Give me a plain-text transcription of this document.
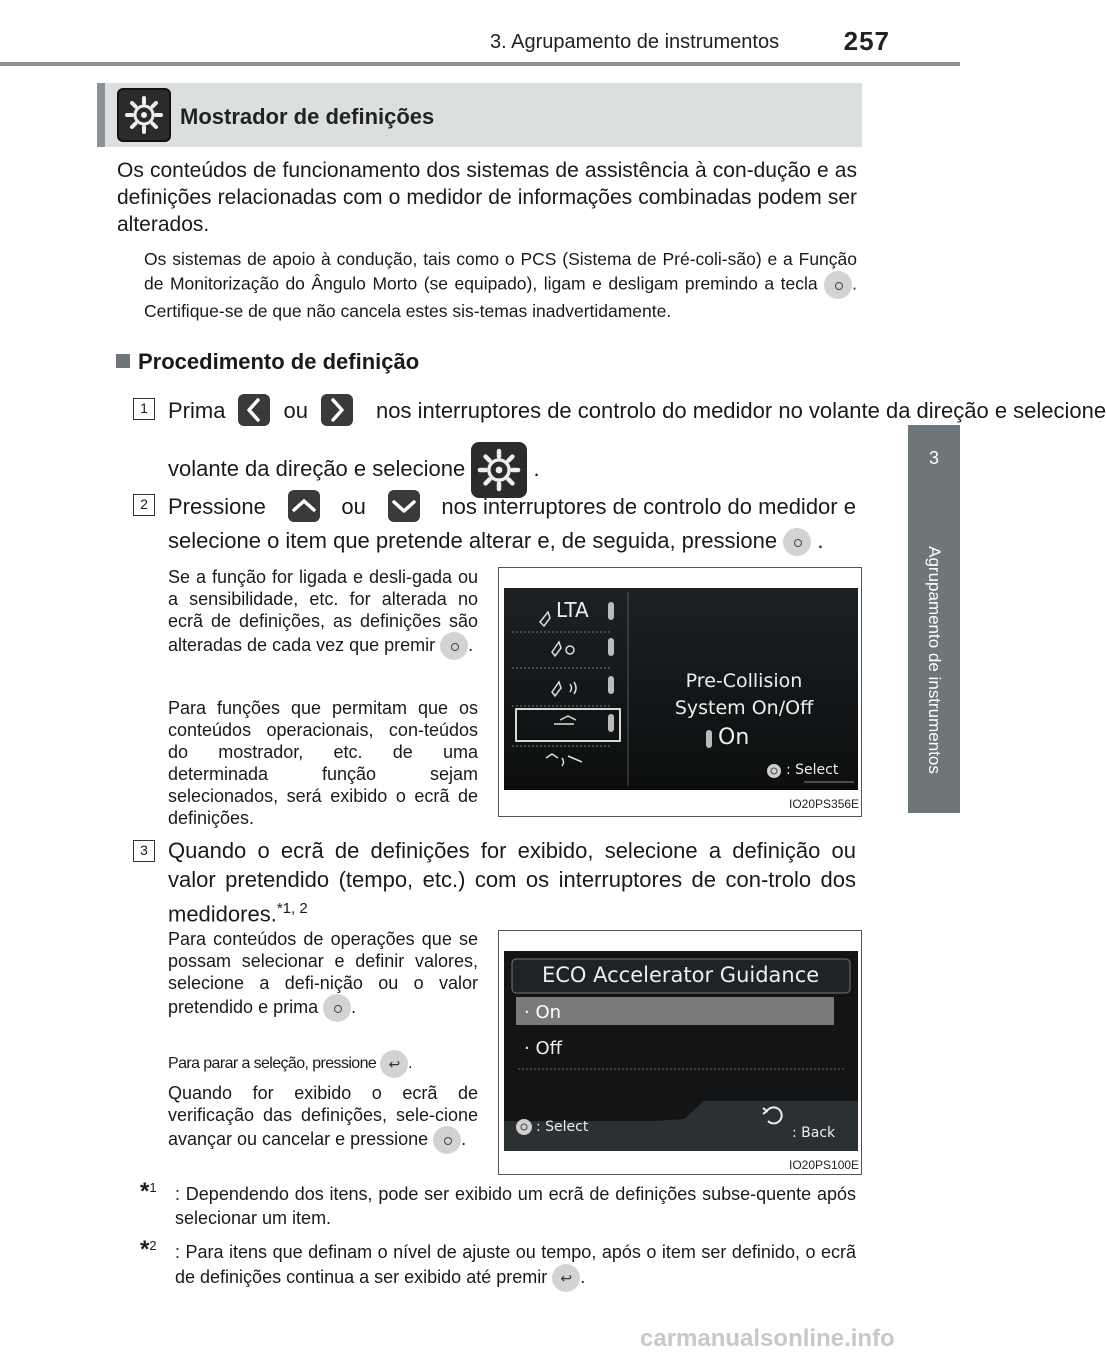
3. Agrupamento de instrumentos 257
3
Agrupamento de instrumentos
Mostrador de definições
Os conteúdos de funcionamento dos sistemas de assistência à con-dução e as definições relacionadas com o medidor de informações combinadas podem ser alterados.
Os sistemas de apoio à condução, tais como o PCS (Sistema de Pré-coli-são) e a Função de Monitorização do Ângulo Morto (se equipado), ligam e desligam premindo a tecla . Certifique-se de que não cancela estes sis-temas inadvertidamente.
Procedimento de definição
1 Prima	ou	nos interruptores de controlo do medidor no volante da direção e selecione
volante da direção e selecione	.
2 Pressione	ou	nos interruptores de controlo do medidor e
selecione o item que pretende alterar e, de seguida, pressione .
Se a função for ligada e desli-gada ou a sensibilidade, etc. for alterada no ecrã de definições, as definições são alteradas de cada vez que premir .
Para funções que permitam que os conteúdos operacionais, con-teúdos do mostrador, etc. de uma determinada função sejam selecionados, será exibido o ecrã de definições.
LTA
Pre-Collision
System On/Off
On
: Select
IO20PS356E
3 Quando o ecrã de definições for exibido, selecione a definição ou valor pretendido (tempo, etc.) com os interruptores de con-trolo dos medidores.$^{*1, 2}$
Para conteúdos de operações que se possam selecionar e definir valores, selecione a defi-nição ou o valor pretendido e prima .
Para parar a seleção, pressione ↩ .
Quando for exibido o ecrã de verificação das definições, sele-cione avançar ou cancelar e pressione .
ECO Accelerator Guidance
· On
· Off
: Select	: Back
IO20PS100E
*$^1$ : Dependendo dos itens, pode ser exibido um ecrã de definições subse-quente após selecionar um item.
*$^2$ : Para itens que definam o nível de ajuste ou tempo, após o item ser definido, o ecrã de definições continua a ser exibido até premir ↩ .
carmanualsonline.info
